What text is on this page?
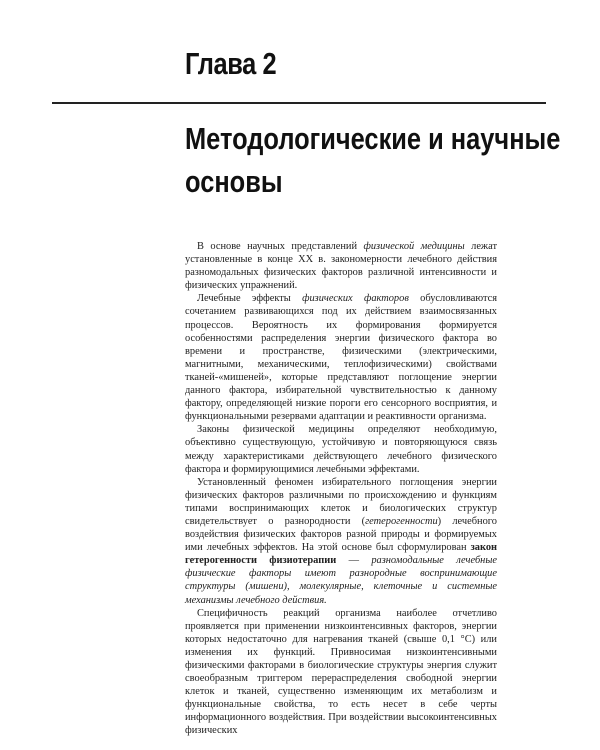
Глава 2
Методологические и научные основы

В основе научных представлений физической медицины лежат установленные в конце XX в. закономерности лечебного действия разномодальных физических факторов различной интенсивности и физических упражнений.

Лечебные эффекты физических факторов обусловливаются сочетанием развивающихся под их действием взаимосвязанных процессов. Вероятность их формирования формируется особенностями распределения энергии физического фактора во времени и пространстве, физическими (электрическими, магнитными, механическими, теплофизическими) свойствами тканей-«мишеней», которые представляют поглощение энергии данного фактора, избирательной чувствительностью к данному фактору, определяющей низкие пороги его сенсорного восприятия, и функциональными резервами адаптации и реактивности организма.

Законы физической медицины определяют необходимую, объективно существующую, устойчивую и повторяющуюся связь между характеристиками действующего лечебного физического фактора и формирующимися лечебными эффектами.

Установленный феномен избирательного поглощения энергии физических факторов различными по происхождению и функциям типами воспринимающих клеток и биологических структур свидетельствует о разнородности (гетерогенности) лечебного воздействия физических факторов разной природы и формируемых ими лечебных эффектов. На этой основе был сформулирован закон гетерогенности физиотерапии — разномодальные лечебные физические факторы имеют разнородные воспринимающие структуры (мишени), молекулярные, клеточные и системные механизмы лечебного действия.

Специфичность реакций организма наиболее отчетливо проявляется при применении низкоинтенсивных факторов, энергии которых недостаточно для нагревания тканей (свыше 0,1 °С) или изменения их функций. Привносимая низкоинтенсивными физическими факторами в биологические структуры энергия служит своеобразным триггером перераспределения свободной энергии клеток и тканей, существенно изменяющим их метаболизм и функциональные свойства, то есть несет в себе черты информационного воздействия. При воздействии высокоинтенсивных физических
